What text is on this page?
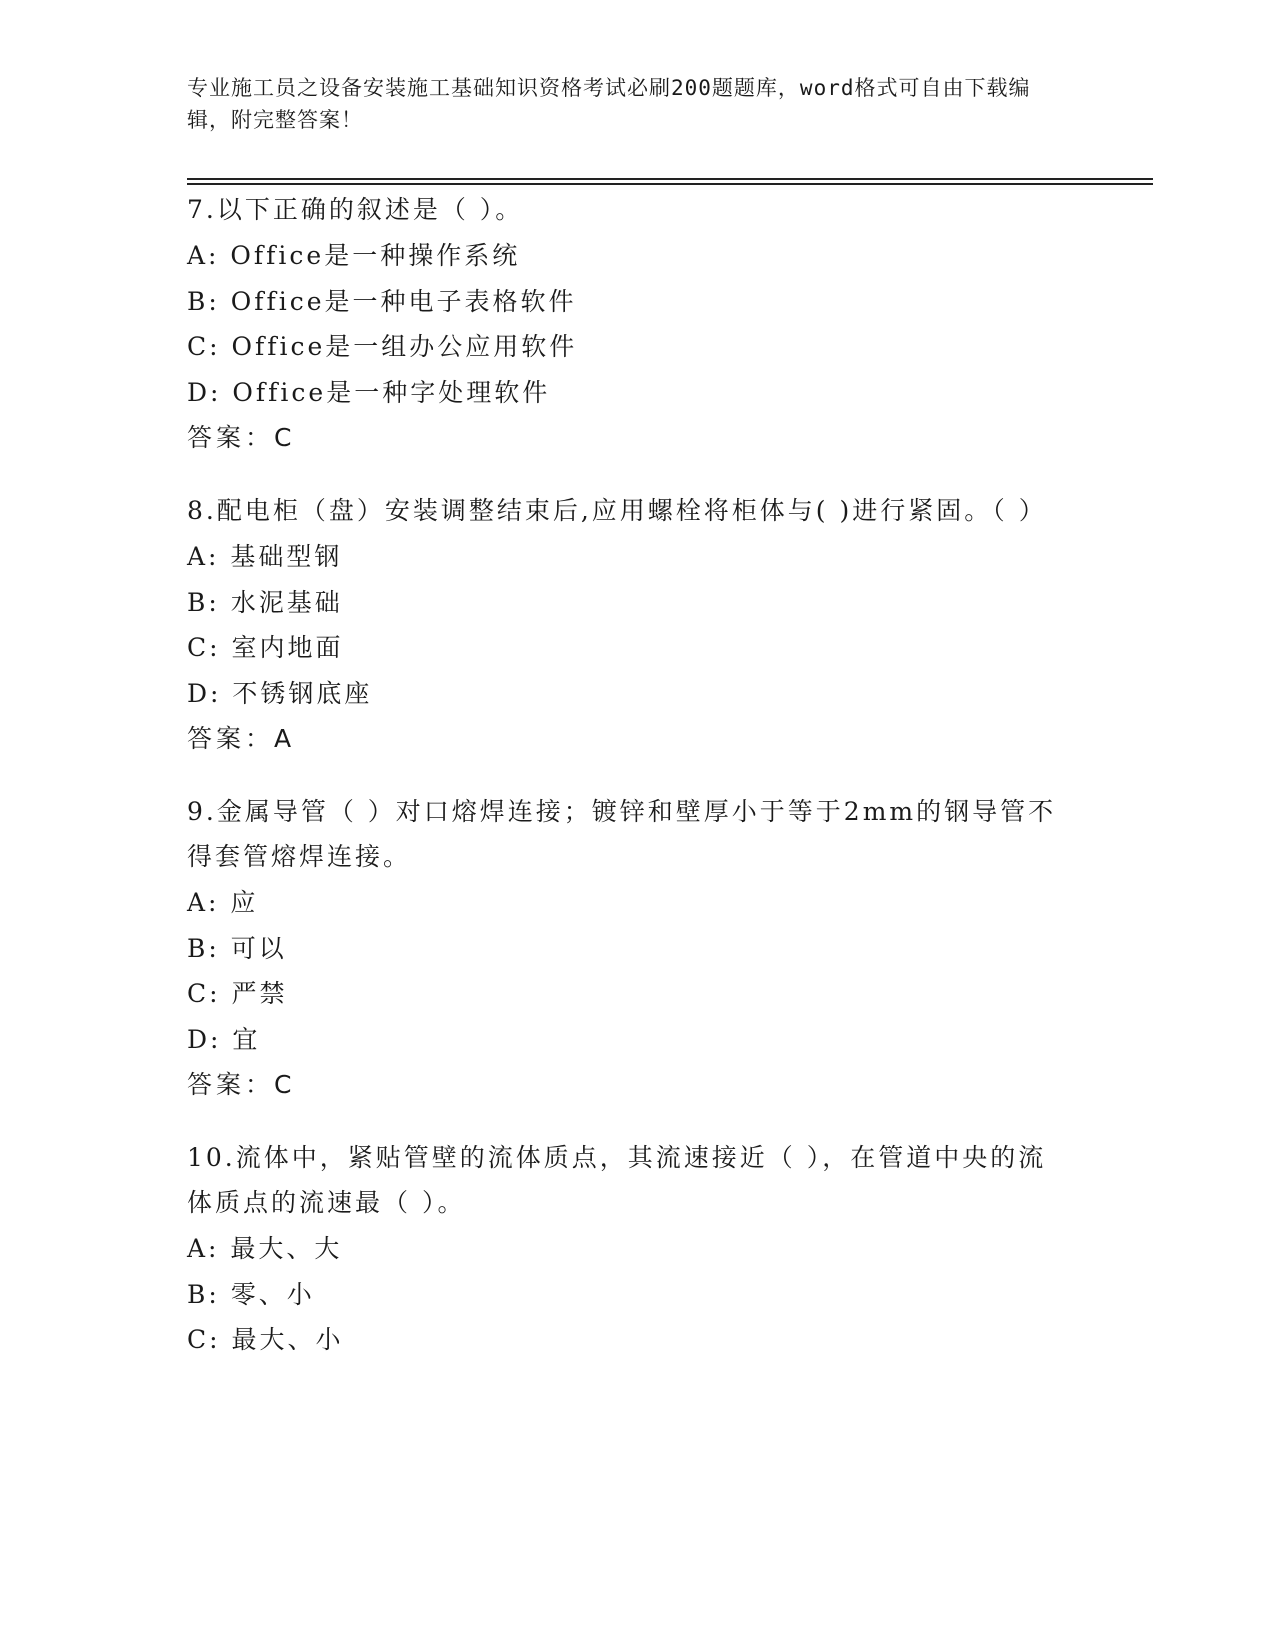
专业施工员之设备安装施工基础知识资格考试必刷200题题库，word格式可自由下载编辑，附完整答案！

7.以下正确的叙述是（ ）。

A: Office是一种操作系统

B: Office是一种电子表格软件

C: Office是一组办公应用软件

D: Office是一种字处理软件

答案：C

8.配电柜（盘）安装调整结束后,应用螺栓将柜体与( )进行紧固。（ ）

A: 基础型钢

B: 水泥基础

C: 室内地面

D: 不锈钢底座

答案：A

9.金属导管（ ）对口熔焊连接；镀锌和壁厚小于等于2mm的钢导管不得套管熔焊连接。

A: 应

B: 可以

C: 严禁

D: 宜

答案：C

10.流体中，紧贴管壁的流体质点，其流速接近（ ），在管道中央的流体质点的流速最（ ）。

A: 最大、大

B: 零、小

C: 最大、小
